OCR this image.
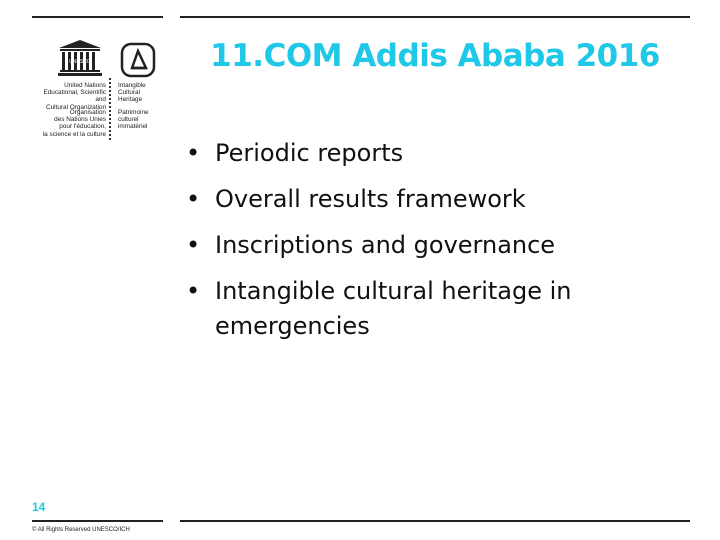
UNESCO
United Nations
Educational, Scientific and
Cultural Organization
Organisation
des Nations Unies
pour l'éducation,
la science et la culture
Intangible
Cultural
Heritage
Patrimoine
culturel
immatériel
11.COM Addis Ababa 2016
• Periodic reports
• Overall results framework
• Inscriptions and governance
• Intangible cultural heritage in emergencies
14
© All Rights Reserved UNESCO/ICH
